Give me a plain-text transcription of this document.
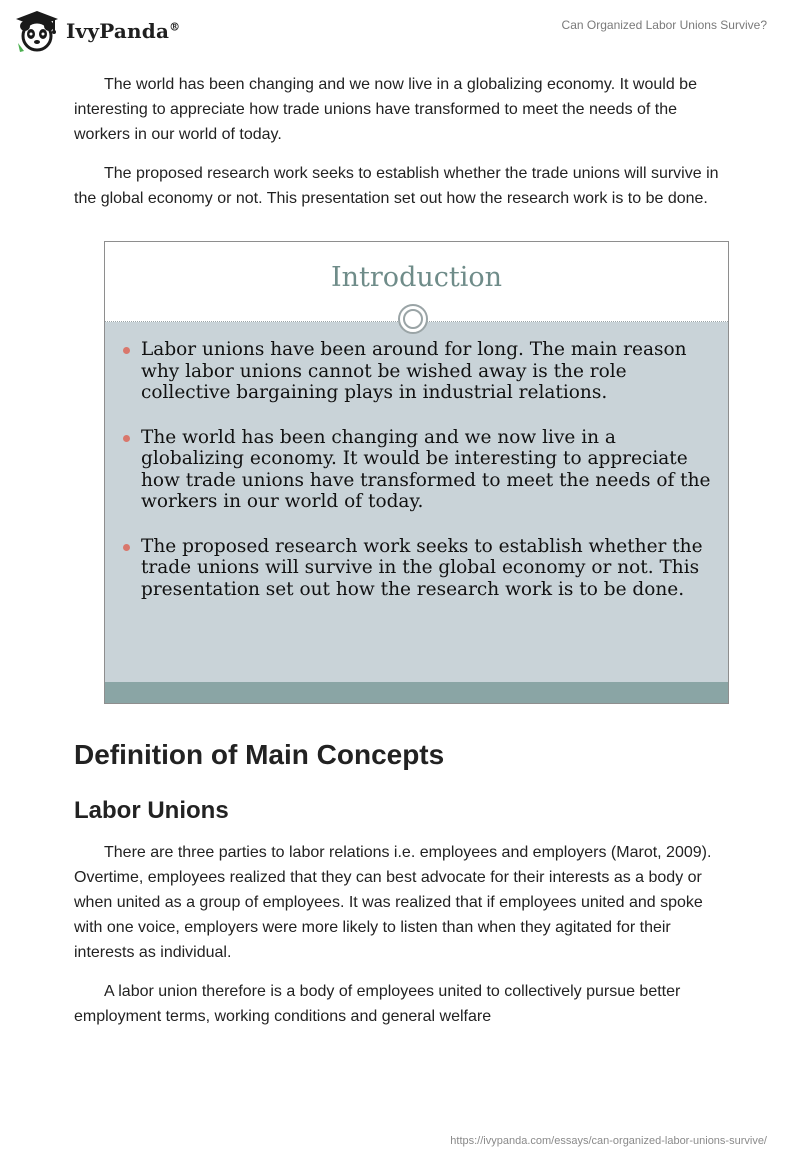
IvyPanda®	Can Organized Labor Unions Survive?

The world has been changing and we now live in a globalizing economy. It would be interesting to appreciate how trade unions have transformed to meet the needs of the workers in our world of today.

The proposed research work seeks to establish whether the trade unions will survive in the global economy or not. This presentation set out how the research work is to be done.

Introduction
Labor unions have been around for long. The main reason why labor unions cannot be wished away is the role collective bargaining plays in industrial relations.
The world has been changing and we now live in a globalizing economy. It would be interesting to appreciate how trade unions have transformed to meet the needs of the workers in our world of today.
The proposed research work seeks to establish whether the trade unions will survive in the global economy or not. This presentation set out how the research work is to be done.
Definition of Main Concepts
Labor Unions

There are three parties to labor relations i.e. employees and employers (Marot, 2009). Overtime, employees realized that they can best advocate for their interests as a body or when united as a group of employees. It was realized that if employees united and spoke with one voice, employers were more likely to listen than when they agitated for their interests as individual.

A labor union therefore is a body of employees united to collectively pursue better employment terms, working conditions and general welfare

https://ivypanda.com/essays/can-organized-labor-unions-survive/
